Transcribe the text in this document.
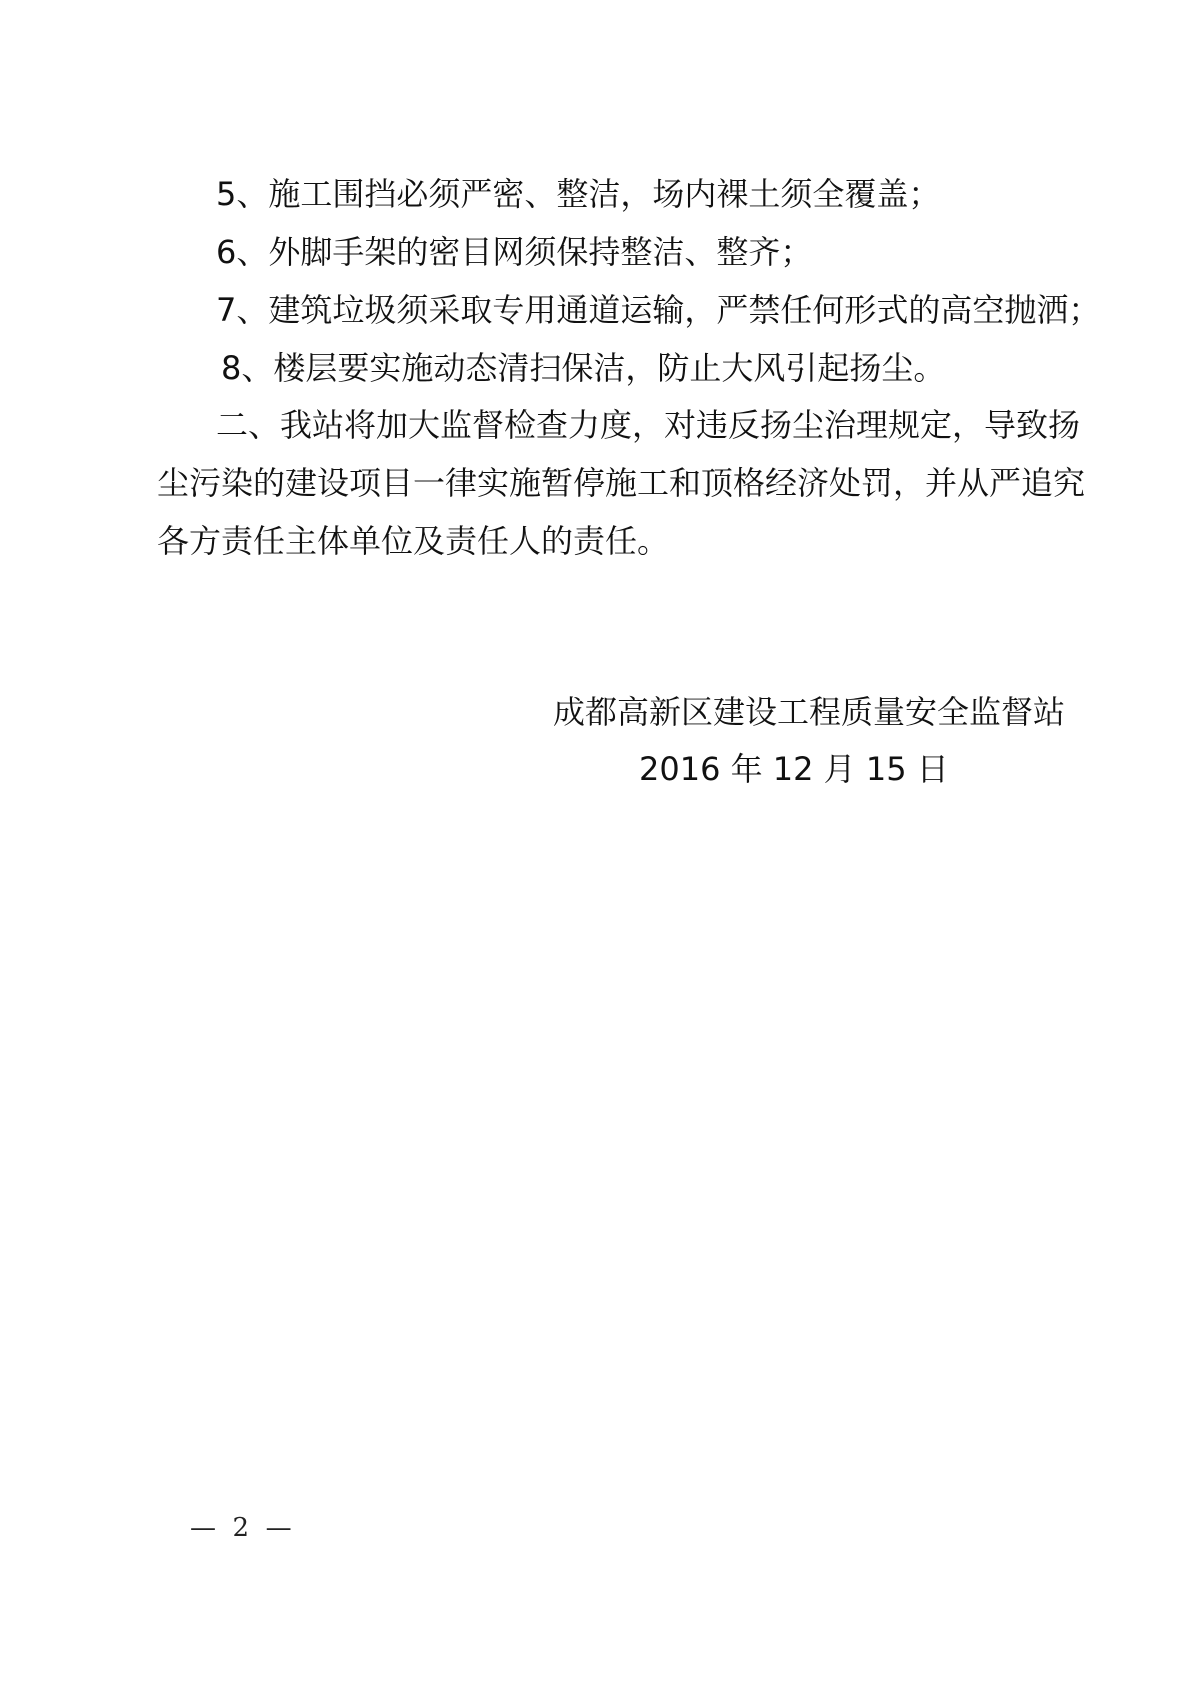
5、施工围挡必须严密、整洁，场内裸土须全覆盖；
6、外脚手架的密目网须保持整洁、整齐；
7、建筑垃圾须采取专用通道运输，严禁任何形式的高空抛洒；
8、楼层要实施动态清扫保洁，防止大风引起扬尘。
二、我站将加大监督检查力度，对违反扬尘治理规定，导致扬
尘污染的建设项目一律实施暂停施工和顶格经济处罚，并从严追究
各方责任主体单位及责任人的责任。
成都高新区建设工程质量安全监督站
2016 年 12 月 15 日
—  2  —
